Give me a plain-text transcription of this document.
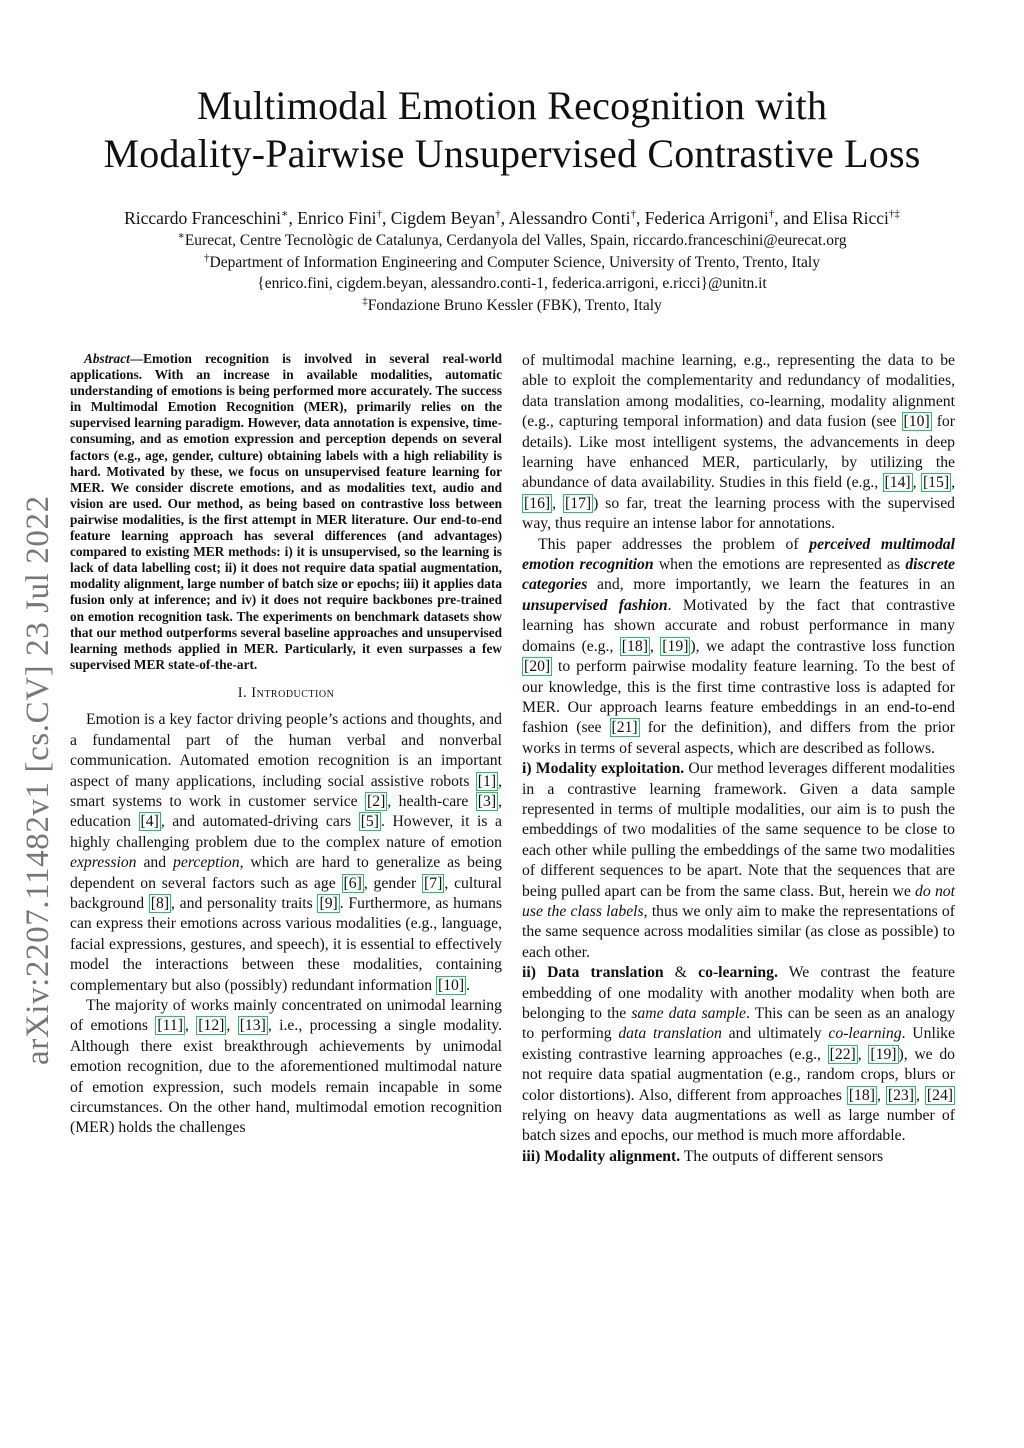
Multimodal Emotion Recognition with
Modality-Pairwise Unsupervised Contrastive Loss
Riccardo Franceschini∗, Enrico Fini†, Cigdem Beyan†, Alessandro Conti†, Federica Arrigoni†, and Elisa Ricci†‡
∗Eurecat, Centre Tecnològic de Catalunya, Cerdanyola del Valles, Spain, riccardo.franceschini@eurecat.org
†Department of Information Engineering and Computer Science, University of Trento, Trento, Italy
{enrico.fini, cigdem.beyan, alessandro.conti-1, federica.arrigoni, e.ricci}@unitn.it
‡Fondazione Bruno Kessler (FBK), Trento, Italy
arXiv:2207.11482v1 [cs.CV] 23 Jul 2022

Abstract—Emotion recognition is involved in several real-world applications. With an increase in available modalities, automatic understanding of emotions is being performed more accurately. The success in Multimodal Emotion Recognition (MER), primarily relies on the supervised learning paradigm. However, data annotation is expensive, time-consuming, and as emotion expression and perception depends on several factors (e.g., age, gender, culture) obtaining labels with a high reliability is hard. Motivated by these, we focus on unsupervised feature learning for MER. We consider discrete emotions, and as modalities text, audio and vision are used. Our method, as being based on contrastive loss between pairwise modalities, is the first attempt in MER literature. Our end-to-end feature learning approach has several differences (and advantages) compared to existing MER methods: i) it is unsupervised, so the learning is lack of data labelling cost; ii) it does not require data spatial augmentation, modality alignment, large number of batch size or epochs; iii) it applies data fusion only at inference; and iv) it does not require backbones pre-trained on emotion recognition task. The experiments on benchmark datasets show that our method outperforms several baseline approaches and unsupervised learning methods applied in MER. Particularly, it even surpasses a few supervised MER state-of-the-art.

I. Introduction

Emotion is a key factor driving people’s actions and thoughts, and a fundamental part of the human verbal and nonverbal communication. Automated emotion recognition is an important aspect of many applications, including social assistive robots [1] , smart systems to work in customer service [2] , health-care [3] , education [4] , and automated-driving cars [5] . However, it is a highly challenging problem due to the complex nature of emotion expression and perception, which are hard to generalize as being dependent on several factors such as age [6] , gender [7] , cultural background [8] , and personality traits [9] . Furthermore, as humans can express their emotions across various modalities (e.g., language, facial expressions, gestures, and speech), it is essential to effectively model the interactions between these modalities, containing complementary but also (possibly) redundant information [10] .

The majority of works mainly concentrated on unimodal learning of emotions [11] , [12] , [13] , i.e., processing a single modality. Although there exist breakthrough achievements by unimodal emotion recognition, due to the aforementioned multimodal nature of emotion expression, such models remain incapable in some circumstances. On the other hand, multimodal emotion recognition (MER) holds the challenges

of multimodal machine learning, e.g., representing the data to be able to exploit the complementarity and redundancy of modalities, data translation among modalities, co-learning, modality alignment (e.g., capturing temporal information) and data fusion (see [10] for details). Like most intelligent systems, the advancements in deep learning have enhanced MER, particularly, by utilizing the abundance of data availability. Studies in this field (e.g., [14] , [15] , [16] , [17] ) so far, treat the learning process with the supervised way, thus require an intense labor for annotations.

This paper addresses the problem of perceived multimodal emotion recognition when the emotions are represented as discrete categories and, more importantly, we learn the features in an unsupervised fashion. Motivated by the fact that contrastive learning has shown accurate and robust performance in many domains (e.g., [18] , [19] ), we adapt the contrastive loss function [20] to perform pairwise modality feature learning. To the best of our knowledge, this is the first time contrastive loss is adapted for MER. Our approach learns feature embeddings in an end-to-end fashion (see [21] for the definition), and differs from the prior works in terms of several aspects, which are described as follows.

i) Modality exploitation. Our method leverages different modalities in a contrastive learning framework. Given a data sample represented in terms of multiple modalities, our aim is to push the embeddings of two modalities of the same sequence to be close to each other while pulling the embeddings of the same two modalities of different sequences to be apart. Note that the sequences that are being pulled apart can be from the same class. But, herein we do not use the class labels, thus we only aim to make the representations of the same sequence across modalities similar (as close as possible) to each other.

ii) Data translation & co-learning. We contrast the feature embedding of one modality with another modality when both are belonging to the same data sample. This can be seen as an analogy to performing data translation and ultimately co-learning. Unlike existing contrastive learning approaches (e.g., [22] , [19] ), we do not require data spatial augmentation (e.g., random crops, blurs or color distortions). Also, different from approaches [18] , [23] , [24] relying on heavy data augmentations as well as large number of batch sizes and epochs, our method is much more affordable.

iii) Modality alignment. The outputs of different sensors
